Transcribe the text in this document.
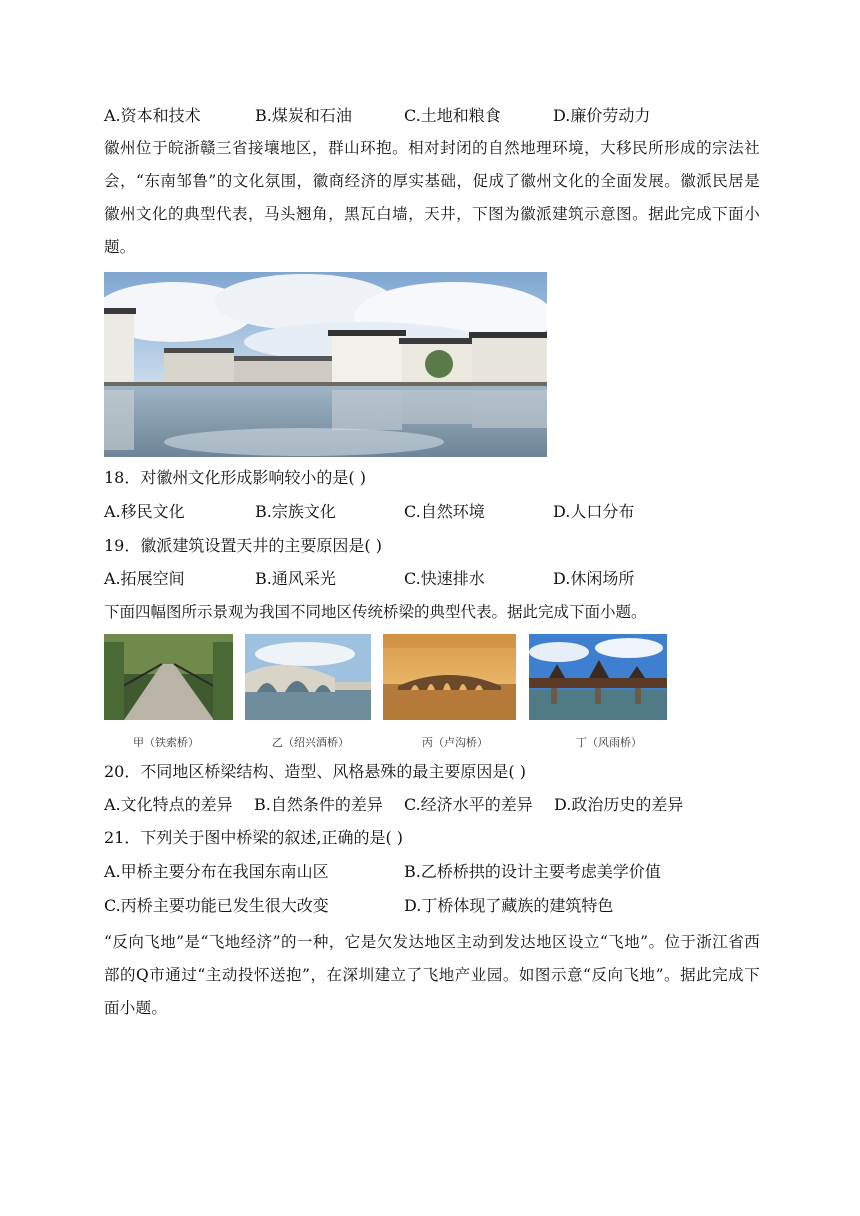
A.资本和技术	B.煤炭和石油	C.土地和粮食	D.廉价劳动力
徽州位于皖浙赣三省接壤地区，群山环抱。相对封闭的自然地理环境，大移民所形成的宗法社会，“东南邹鲁”的文化氛围，徽商经济的厚实基础，促成了徽州文化的全面发展。徽派民居是徽州文化的典型代表，马头翘角，黑瓦白墙，天井，下图为徽派建筑示意图。据此完成下面小题。
18．对徽州文化形成影响较小的是( )
A.移民文化	B.宗族文化	C.自然环境	D.人口分布
19．徽派建筑设置天井的主要原因是( )
A.拓展空间	B.通风采光	C.快速排水	D.休闲场所
下面四幅图所示景观为我国不同地区传统桥梁的典型代表。据此完成下面小题。
甲（铁索桥）	乙（绍兴酒桥）	丙（卢沟桥）	丁（风雨桥）
20．不同地区桥梁结构、造型、风格悬殊的最主要原因是( )
A.文化特点的差异 B.自然条件的差异 C.经济水平的差异 D.政治历史的差异
21．下列关于图中桥梁的叙述,正确的是( )
A.甲桥主要分布在我国东南山区	B.乙桥桥拱的设计主要考虑美学价值
C.丙桥主要功能已发生很大改变	D.丁桥体现了藏族的建筑特色
“反向飞地”是“飞地经济”的一种，它是欠发达地区主动到发达地区设立“飞地”。位于浙江省西部的Q市通过“主动投怀送抱”，在深圳建立了飞地产业园。如图示意“反向飞地”。据此完成下面小题。
